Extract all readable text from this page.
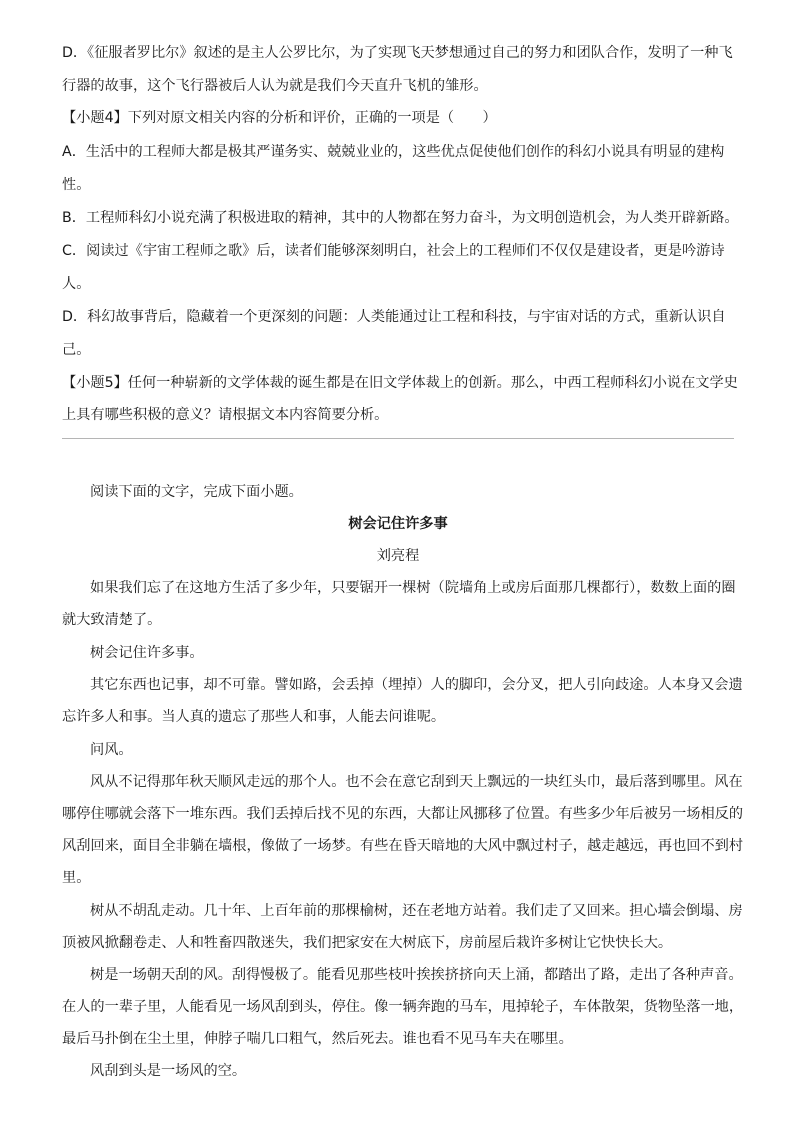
D．《征服者罗比尔》叙述的是主人公罗比尔，为了实现飞天梦想通过自己的努力和团队合作，发明了一种飞
行器的故事，这个飞行器被后人认为就是我们今天直升飞机的雏形。
【小题4】下列对原文相关内容的分析和评价，正确的一项是（　　）
A．生活中的工程师大都是极其严谨务实、兢兢业业的，这些优点促使他们创作的科幻小说具有明显的建构
性。
B．工程师科幻小说充满了积极进取的精神，其中的人物都在努力奋斗，为文明创造机会，为人类开辟新路。
C．阅读过《宇宙工程师之歌》后，读者们能够深刻明白，社会上的工程师们不仅仅是建设者，更是吟游诗
人。
D．科幻故事背后，隐藏着一个更深刻的问题：人类能通过让工程和科技，与宇宙对话的方式，重新认识自
己。
【小题5】任何一种崭新的文学体裁的诞生都是在旧文学体裁上的创新。那么，中西工程师科幻小说在文学史
上具有哪些积极的意义？请根据文本内容简要分析。
阅读下面的文字，完成下面小题。
树会记住许多事
刘亮程
如果我们忘了在这地方生活了多少年，只要锯开一棵树（院墙角上或房后面那几棵都行），数数上面的圈
就大致清楚了。
树会记住许多事。
其它东西也记事，却不可靠。譬如路，会丢掉（埋掉）人的脚印，会分叉，把人引向歧途。人本身又会遗
忘许多人和事。当人真的遗忘了那些人和事，人能去问谁呢。
问风。
风从不记得那年秋天顺风走远的那个人。也不会在意它刮到天上飘远的一块红头巾，最后落到哪里。风在
哪停住哪就会落下一堆东西。我们丢掉后找不见的东西，大都让风挪移了位置。有些多少年后被另一场相反的
风刮回来，面目全非躺在墙根，像做了一场梦。有些在昏天暗地的大风中飘过村子，越走越远，再也回不到村
里。
树从不胡乱走动。几十年、上百年前的那棵榆树，还在老地方站着。我们走了又回来。担心墙会倒塌、房
顶被风掀翻卷走、人和牲畜四散迷失，我们把家安在大树底下，房前屋后栽许多树让它快快长大。
树是一场朝天刮的风。刮得慢极了。能看见那些枝叶挨挨挤挤向天上涌，都踏出了路，走出了各种声音。
在人的一辈子里，人能看见一场风刮到头，停住。像一辆奔跑的马车，甩掉轮子，车体散架，货物坠落一地，
最后马扑倒在尘土里，伸脖子喘几口粗气，然后死去。谁也看不见马车夫在哪里。
风刮到头是一场风的空。
